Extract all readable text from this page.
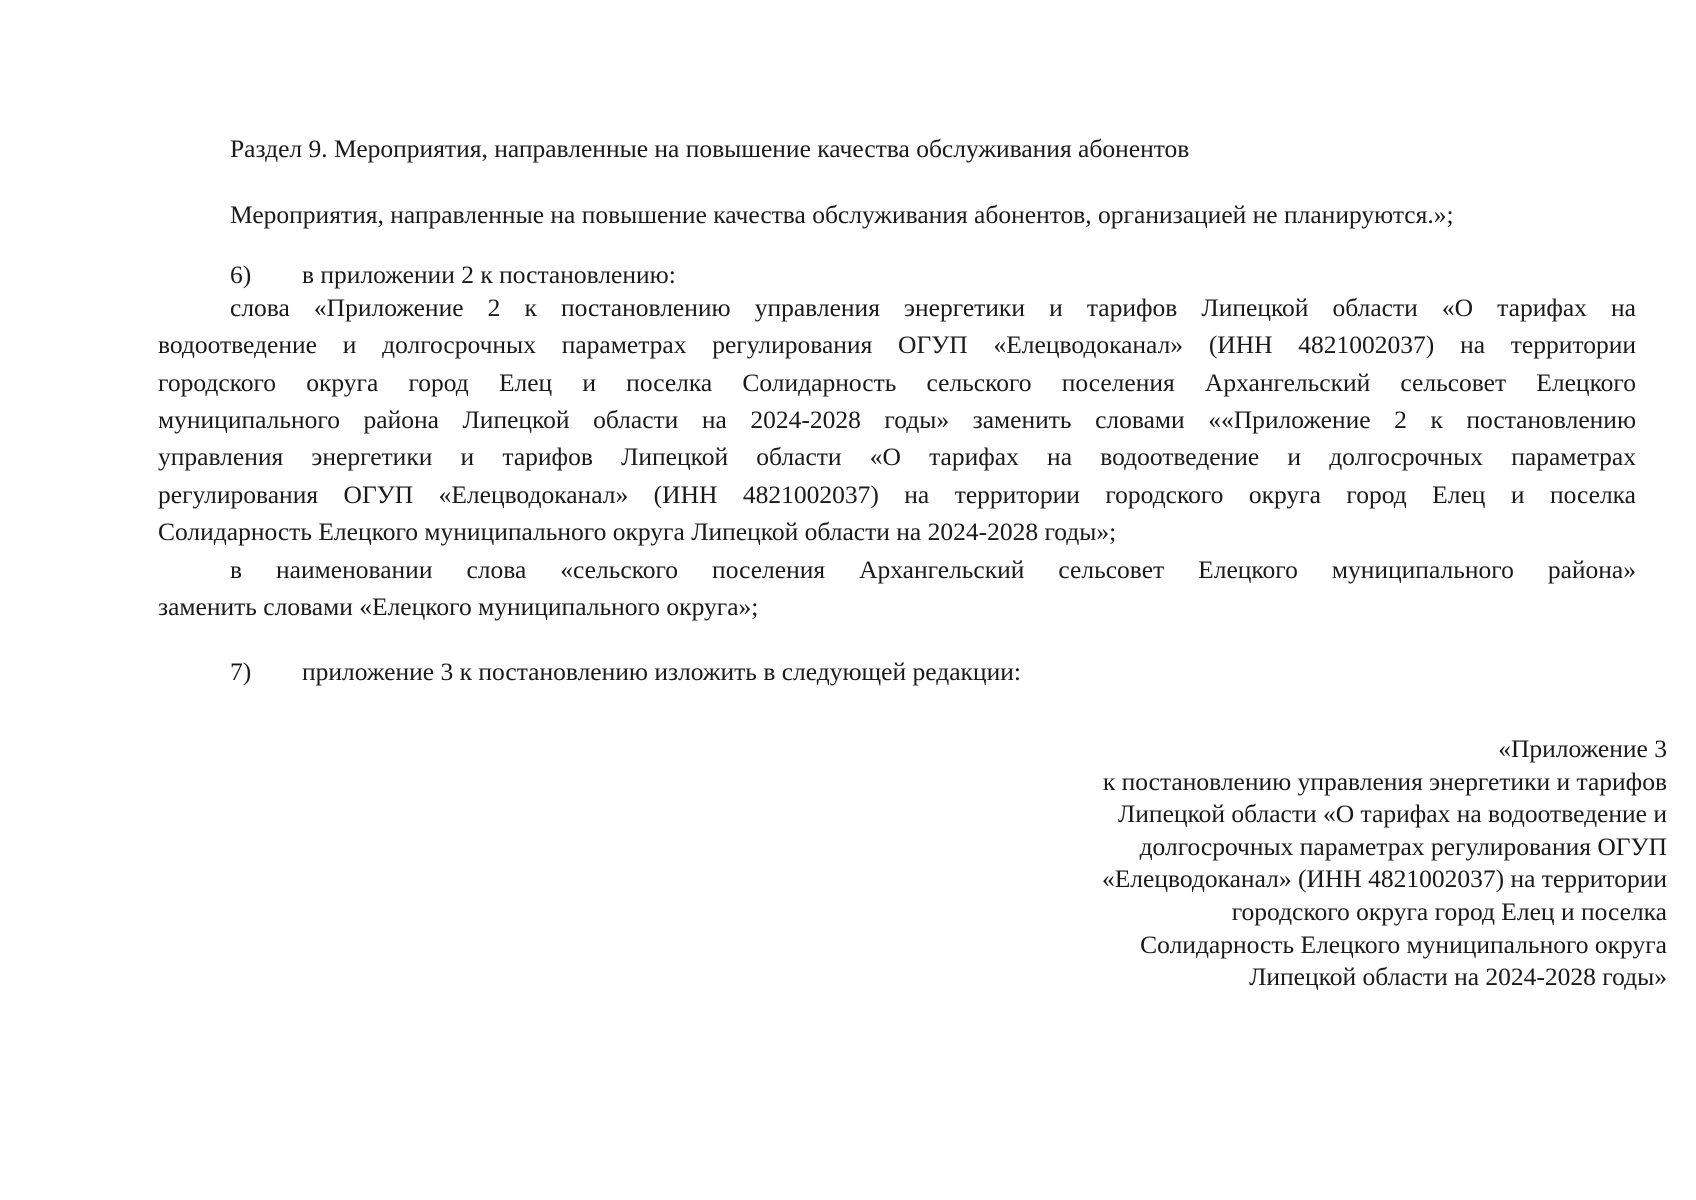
Раздел 9. Мероприятия, направленные на повышение качества обслуживания абонентов
Мероприятия, направленные на повышение качества обслуживания абонентов, организацией не планируются.»;
6) в приложении 2 к постановлению:
слова «Приложение 2 к постановлению управления энергетики и тарифов Липецкой области «О тарифах на
водоотведение и долгосрочных параметрах регулирования ОГУП «Елецводоканал» (ИНН 4821002037) на территории
городского округа город Елец и поселка Солидарность сельского поселения Архангельский сельсовет Елецкого
муниципального района Липецкой области на 2024-2028 годы» заменить словами ««Приложение 2 к постановлению
управления энергетики и тарифов Липецкой области «О тарифах на водоотведение и долгосрочных параметрах
регулирования ОГУП «Елецводоканал» (ИНН 4821002037) на территории городского округа город Елец и поселка
Солидарность Елецкого муниципального округа Липецкой области на 2024-2028 годы»;
в наименовании слова «сельского поселения Архангельский сельсовет Елецкого муниципального района»
заменить словами «Елецкого муниципального округа»;
7) приложение 3 к постановлению изложить в следующей редакции:
«Приложение 3
к постановлению управления энергетики и тарифов
Липецкой области «О тарифах на водоотведение и
долгосрочных параметрах регулирования ОГУП
«Елецводоканал» (ИНН 4821002037) на территории
городского округа город Елец и поселка
Солидарность Елецкого муниципального округа
Липецкой области на 2024-2028 годы»
